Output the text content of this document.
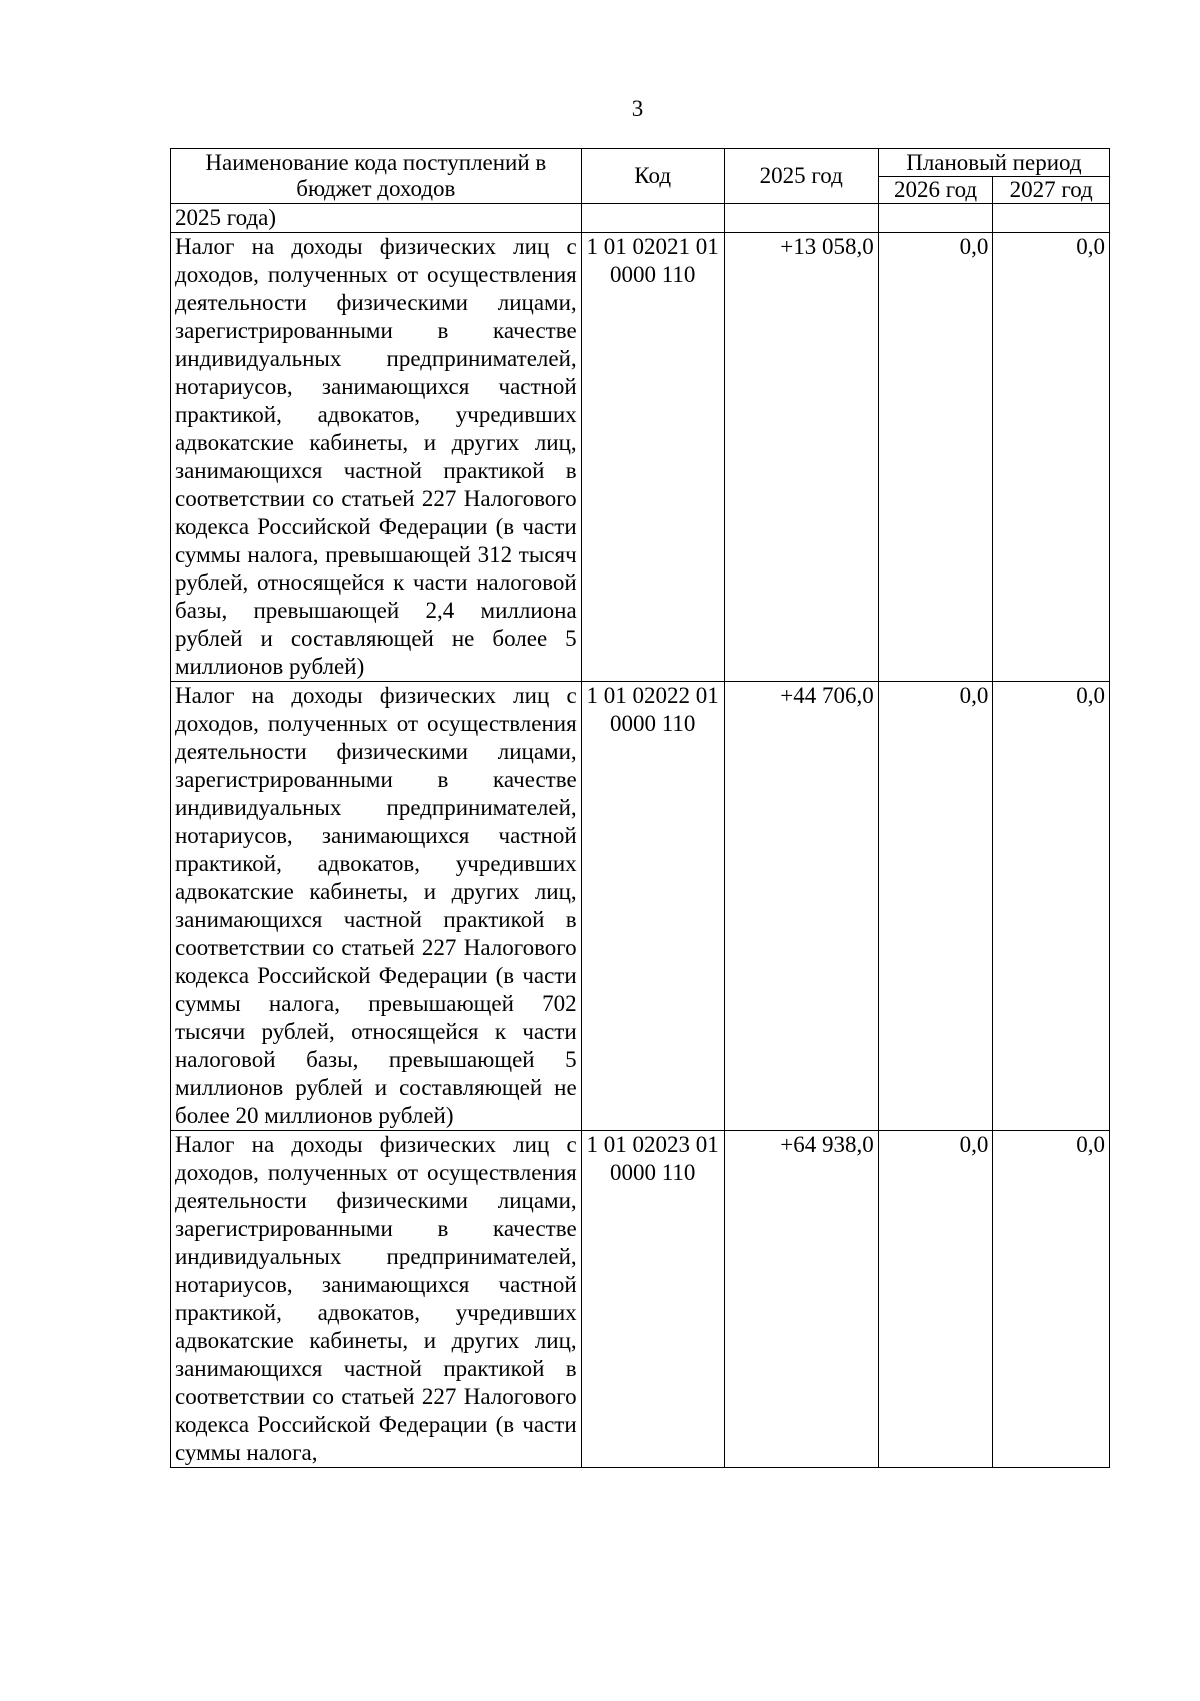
3
Наименование кода поступлений в бюджет доходов	Код	2025 год	Плановый период	
			2026 год	2027 год
2025 года)				
Налог на доходы физических лиц с доходов, полученных от осуществления деятельности физическими лицами, зарегистрированными в качестве индивидуальных предпринимателей, нотариусов, занимающихся частной практикой, адвокатов, учредивших адвокатские кабинеты, и других лиц, занимающихся частной практикой в соответствии со статьей 227 Налогового кодекса Российской Федерации (в части суммы налога, превышающей 312 тысяч рублей, относящейся к части налоговой базы, превышающей 2,4 миллиона рублей и составляющей не более 5 миллионов рублей)	1 01 02021 01 0000 110	+13 058,0	0,0	0,0
Налог на доходы физических лиц с доходов, полученных от осуществления деятельности физическими лицами, зарегистрированными в качестве индивидуальных предпринимателей, нотариусов, занимающихся частной практикой, адвокатов, учредивших адвокатские кабинеты, и других лиц, занимающихся частной практикой в соответствии со статьей 227 Налогового кодекса Российской Федерации (в части суммы налога, превышающей 702 тысячи рублей, относящейся к части налоговой базы, превышающей 5 миллионов рублей и составляющей не более 20 миллионов рублей)	1 01 02022 01 0000 110	+44 706,0	0,0	0,0
Налог на доходы физических лиц с доходов, полученных от осуществления деятельности физическими лицами, зарегистрированными в качестве индивидуальных предпринимателей, нотариусов, занимающихся частной практикой, адвокатов, учредивших адвокатские кабинеты, и других лиц, занимающихся частной практикой в соответствии со статьей 227 Налогового кодекса Российской Федерации (в части суммы налога,	1 01 02023 01 0000 110	+64 938,0	0,0	0,0
